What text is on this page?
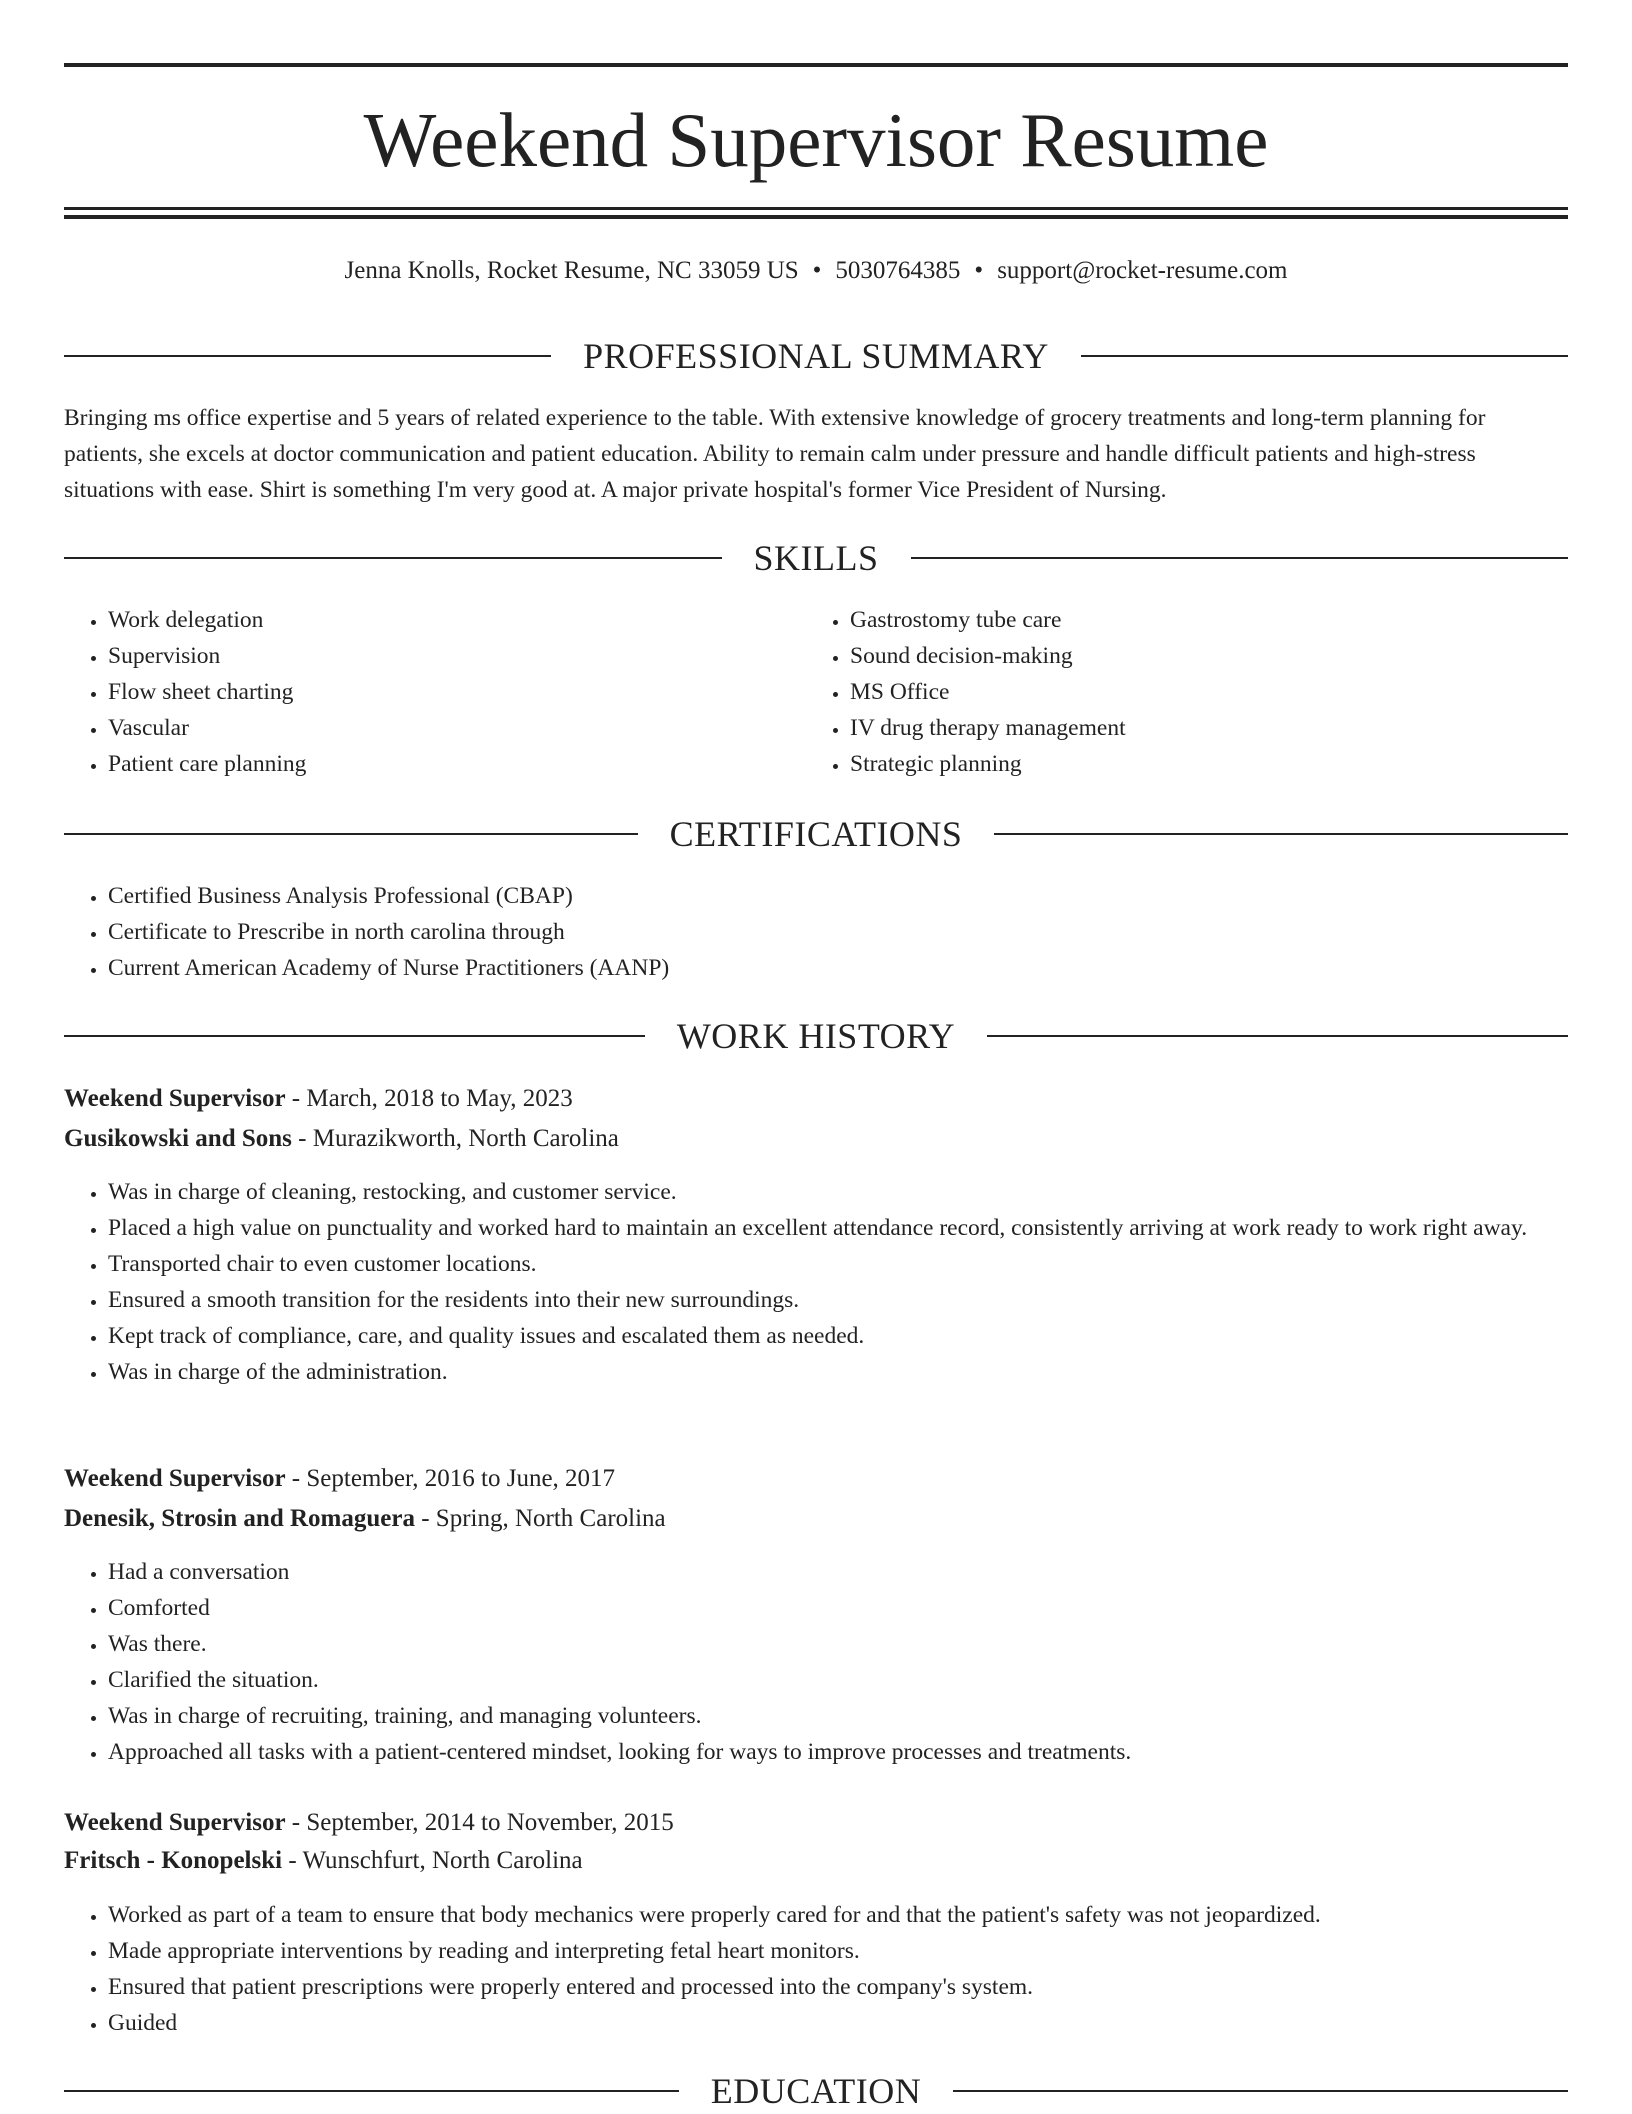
Weekend Supervisor Resume
Jenna Knolls, Rocket Resume, NC 33059 US • 5030764385 • support@rocket-resume.com
PROFESSIONAL SUMMARY

Bringing ms office expertise and 5 years of related experience to the table. With extensive knowledge of grocery treatments and long-term planning for patients, she excels at doctor communication and patient education. Ability to remain calm under pressure and handle difficult patients and high-stress situations with ease. Shirt is something I'm very good at. A major private hospital's former Vice President of Nursing.

SKILLS
• Work delegation
• Supervision
• Flow sheet charting
• Vascular
• Patient care planning
• Gastrostomy tube care
• Sound decision-making
• MS Office
• IV drug therapy management
• Strategic planning
CERTIFICATIONS
• Certified Business Analysis Professional (CBAP)
• Certificate to Prescribe in north carolina through
• Current American Academy of Nurse Practitioners (AANP)
WORK HISTORY
Weekend Supervisor - March, 2018 to May, 2023
Gusikowski and Sons - Murazikworth, North Carolina
• Was in charge of cleaning, restocking, and customer service.
• Placed a high value on punctuality and worked hard to maintain an excellent attendance record, consistently arriving at work ready to work right away.
• Transported chair to even customer locations.
• Ensured a smooth transition for the residents into their new surroundings.
• Kept track of compliance, care, and quality issues and escalated them as needed.
• Was in charge of the administration.
Weekend Supervisor - September, 2016 to June, 2017
Denesik, Strosin and Romaguera - Spring, North Carolina
• Had a conversation
• Comforted
• Was there.
• Clarified the situation.
• Was in charge of recruiting, training, and managing volunteers.
• Approached all tasks with a patient-centered mindset, looking for ways to improve processes and treatments.
Weekend Supervisor - September, 2014 to November, 2015
Fritsch - Konopelski - Wunschfurt, North Carolina
• Worked as part of a team to ensure that body mechanics were properly cared for and that the patient's safety was not jeopardized.
• Made appropriate interventions by reading and interpreting fetal heart monitors.
• Ensured that patient prescriptions were properly entered and processed into the company's system.
• Guided
EDUCATION
